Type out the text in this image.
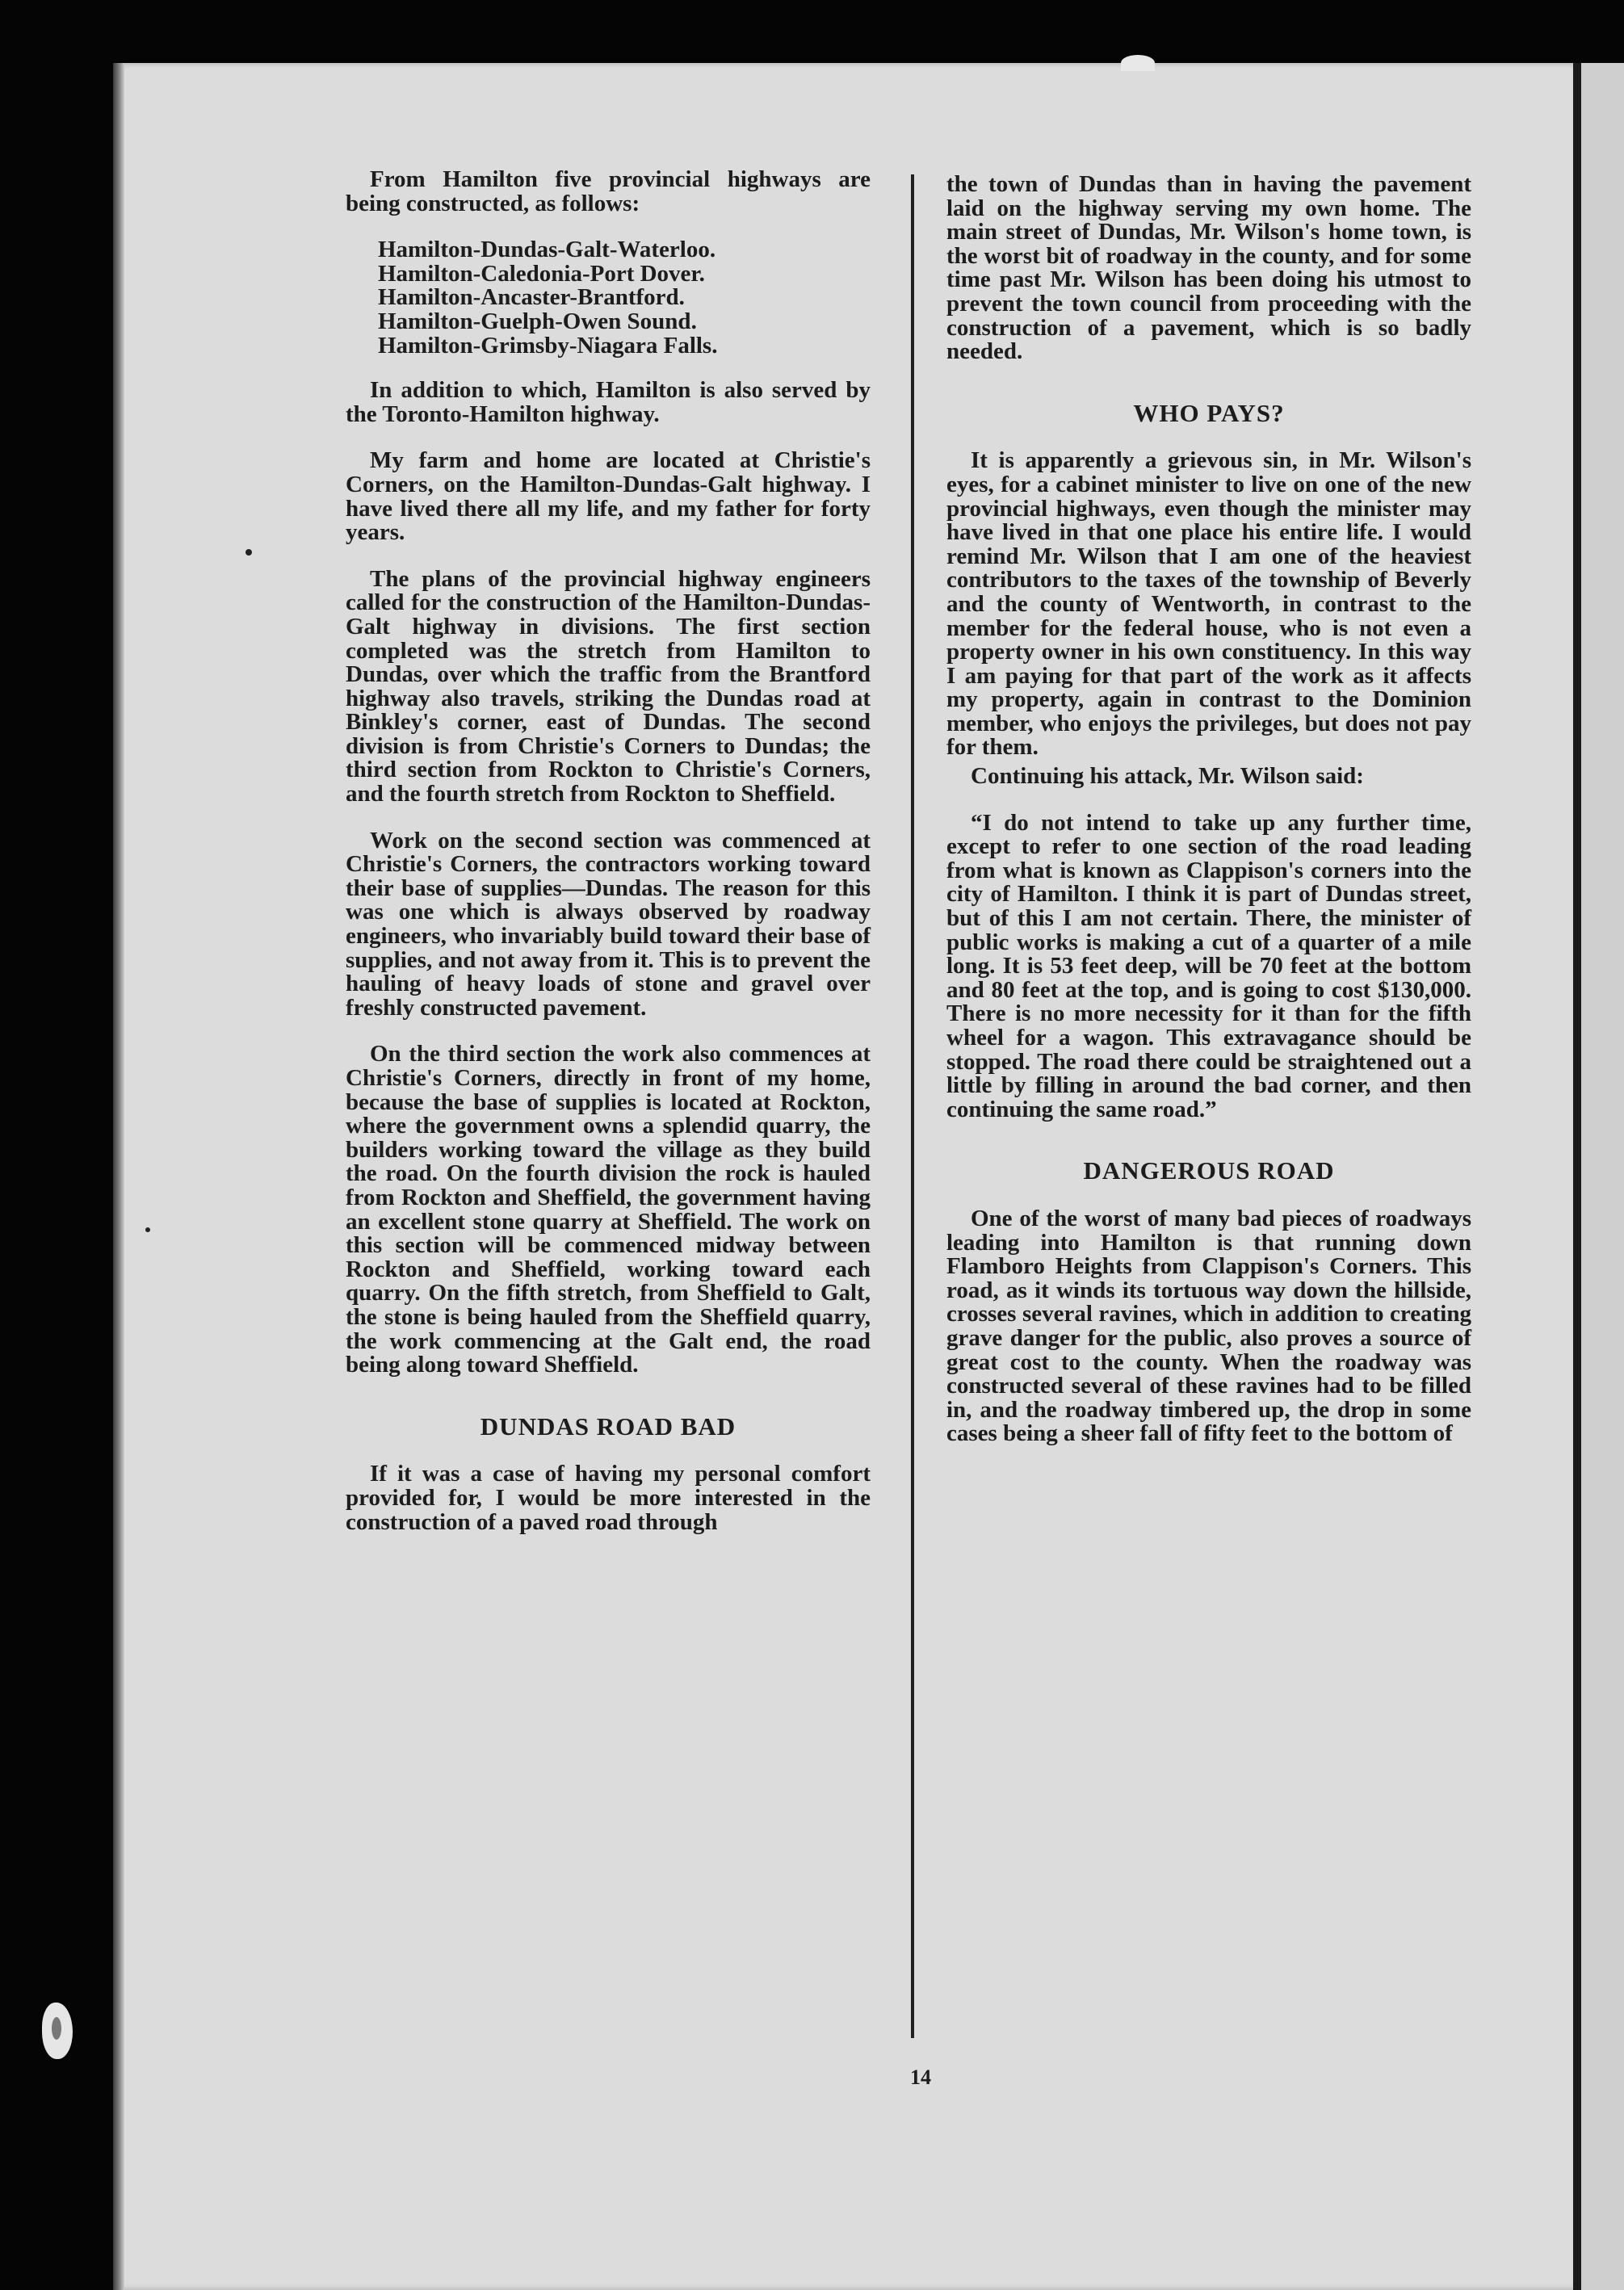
From Hamilton five provincial highways are being constructed, as follows:

Hamilton-Dundas-Galt-Waterloo.
Hamilton-Caledonia-Port Dover.
Hamilton-Ancaster-Brantford.
Hamilton-Guelph-Owen Sound.
Hamilton-Grimsby-Niagara Falls.

In addition to which, Hamilton is also served by the Toronto-Hamilton highway.

My farm and home are located at Christie's Corners, on the Hamilton-Dundas-Galt highway. I have lived there all my life, and my father for forty years.

The plans of the provincial highway engineers called for the construction of the Hamilton-Dundas-Galt highway in divisions. The first section completed was the stretch from Hamilton to Dundas, over which the traffic from the Brantford highway also travels, striking the Dundas road at Binkley's corner, east of Dundas. The second division is from Christie's Corners to Dundas; the third section from Rockton to Christie's Corners, and the fourth stretch from Rockton to Sheffield.

Work on the second section was commenced at Christie's Corners, the contractors working toward their base of supplies—Dundas. The reason for this was one which is always observed by roadway engineers, who invariably build toward their base of supplies, and not away from it. This is to prevent the hauling of heavy loads of stone and gravel over freshly constructed pavement.

On the third section the work also commences at Christie's Corners, directly in front of my home, because the base of supplies is located at Rockton, where the government owns a splendid quarry, the builders working toward the village as they build the road. On the fourth division the rock is hauled from Rockton and Sheffield, the government having an excellent stone quarry at Sheffield. The work on this section will be commenced midway between Rockton and Sheffield, working toward each quarry. On the fifth stretch, from Sheffield to Galt, the stone is being hauled from the Sheffield quarry, the work commencing at the Galt end, the road being along toward Sheffield.

DUNDAS ROAD BAD

If it was a case of having my personal comfort provided for, I would be more interested in the construction of a paved road through

the town of Dundas than in having the pavement laid on the highway serving my own home. The main street of Dundas, Mr. Wilson's home town, is the worst bit of roadway in the county, and for some time past Mr. Wilson has been doing his utmost to prevent the town council from proceeding with the construction of a pavement, which is so badly needed.

WHO PAYS?

It is apparently a grievous sin, in Mr. Wilson's eyes, for a cabinet minister to live on one of the new provincial highways, even though the minister may have lived in that one place his entire life. I would remind Mr. Wilson that I am one of the heaviest contributors to the taxes of the township of Beverly and the county of Wentworth, in contrast to the member for the federal house, who is not even a property owner in his own constituency. In this way I am paying for that part of the work as it affects my property, again in contrast to the Dominion member, who enjoys the privileges, but does not pay for them.

Continuing his attack, Mr. Wilson said:

“I do not intend to take up any further time, except to refer to one section of the road leading from what is known as Clappison's corners into the city of Hamilton. I think it is part of Dundas street, but of this I am not certain. There, the minister of public works is making a cut of a quarter of a mile long. It is 53 feet deep, will be 70 feet at the bottom and 80 feet at the top, and is going to cost $130,000. There is no more necessity for it than for the fifth wheel for a wagon. This extravagance should be stopped. The road there could be straightened out a little by filling in around the bad corner, and then continuing the same road.”

DANGEROUS ROAD

One of the worst of many bad pieces of roadways leading into Hamilton is that running down Flamboro Heights from Clappison's Corners. This road, as it winds its tortuous way down the hillside, crosses several ravines, which in addition to creating grave danger for the public, also proves a source of great cost to the county. When the roadway was constructed several of these ravines had to be filled in, and the roadway timbered up, the drop in some cases being a sheer fall of fifty feet to the bottom of

14
